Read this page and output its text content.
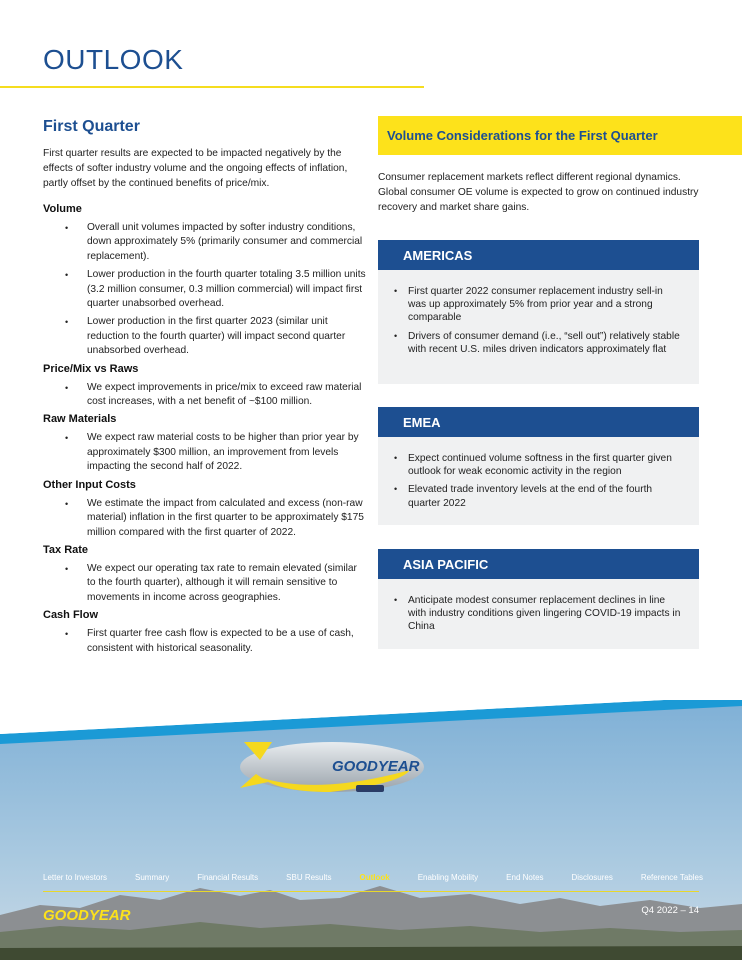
OUTLOOK
First Quarter

First quarter results are expected to be impacted negatively by the effects of softer industry volume and the ongoing effects of inflation, partly offset by the continued benefits of price/mix.

Volume
• Overall unit volumes impacted by softer industry conditions, down approximately 5% (primarily consumer and commercial replacement).
• Lower production in the fourth quarter totaling 3.5 million units (3.2 million consumer, 0.3 million commercial) will impact first quarter unabsorbed overhead.
• Lower production in the first quarter 2023 (similar unit reduction to the fourth quarter) will impact second quarter unabsorbed overhead.
Price/Mix vs Raws
• We expect improvements in price/mix to exceed raw material cost increases, with a net benefit of ~$100 million.
Raw Materials
• We expect raw material costs to be higher than prior year by approximately $300 million, an improvement from levels impacting the second half of 2022.
Other Input Costs
• We estimate the impact from calculated and excess (non-raw material) inflation in the first quarter to be approximately $175 million compared with the first quarter of 2022.
Tax Rate
• We expect our operating tax rate to remain elevated (similar to the fourth quarter), although it will remain sensitive to movements in income across geographies.
Cash Flow
• First quarter free cash flow is expected to be a use of cash, consistent with historical seasonality.
Volume Considerations for the First Quarter

Consumer replacement markets reflect different regional dynamics. Global consumer OE volume is expected to grow on continued industry recovery and market share gains.

AMERICAS
• First quarter 2022 consumer replacement industry sell-in was up approximately 5% from prior year and a strong comparable
• Drivers of consumer demand (i.e., “sell out”) relatively stable with recent U.S. miles driven indicators approximately flat
EMEA
• Expect continued volume softness in the first quarter given outlook for weak economic activity in the region
• Elevated trade inventory levels at the end of the fourth quarter 2022
ASIA PACIFIC
• Anticipate modest consumer replacement declines in line with industry conditions given lingering COVID-19 impacts in China
GOODYEAR
Letter to Investors	Summary	Financial Results	SBU Results	Outlook	Enabling Mobility	End Notes	Disclosures	Reference Tables
GOODYEAR	Q4 2022 – 14
